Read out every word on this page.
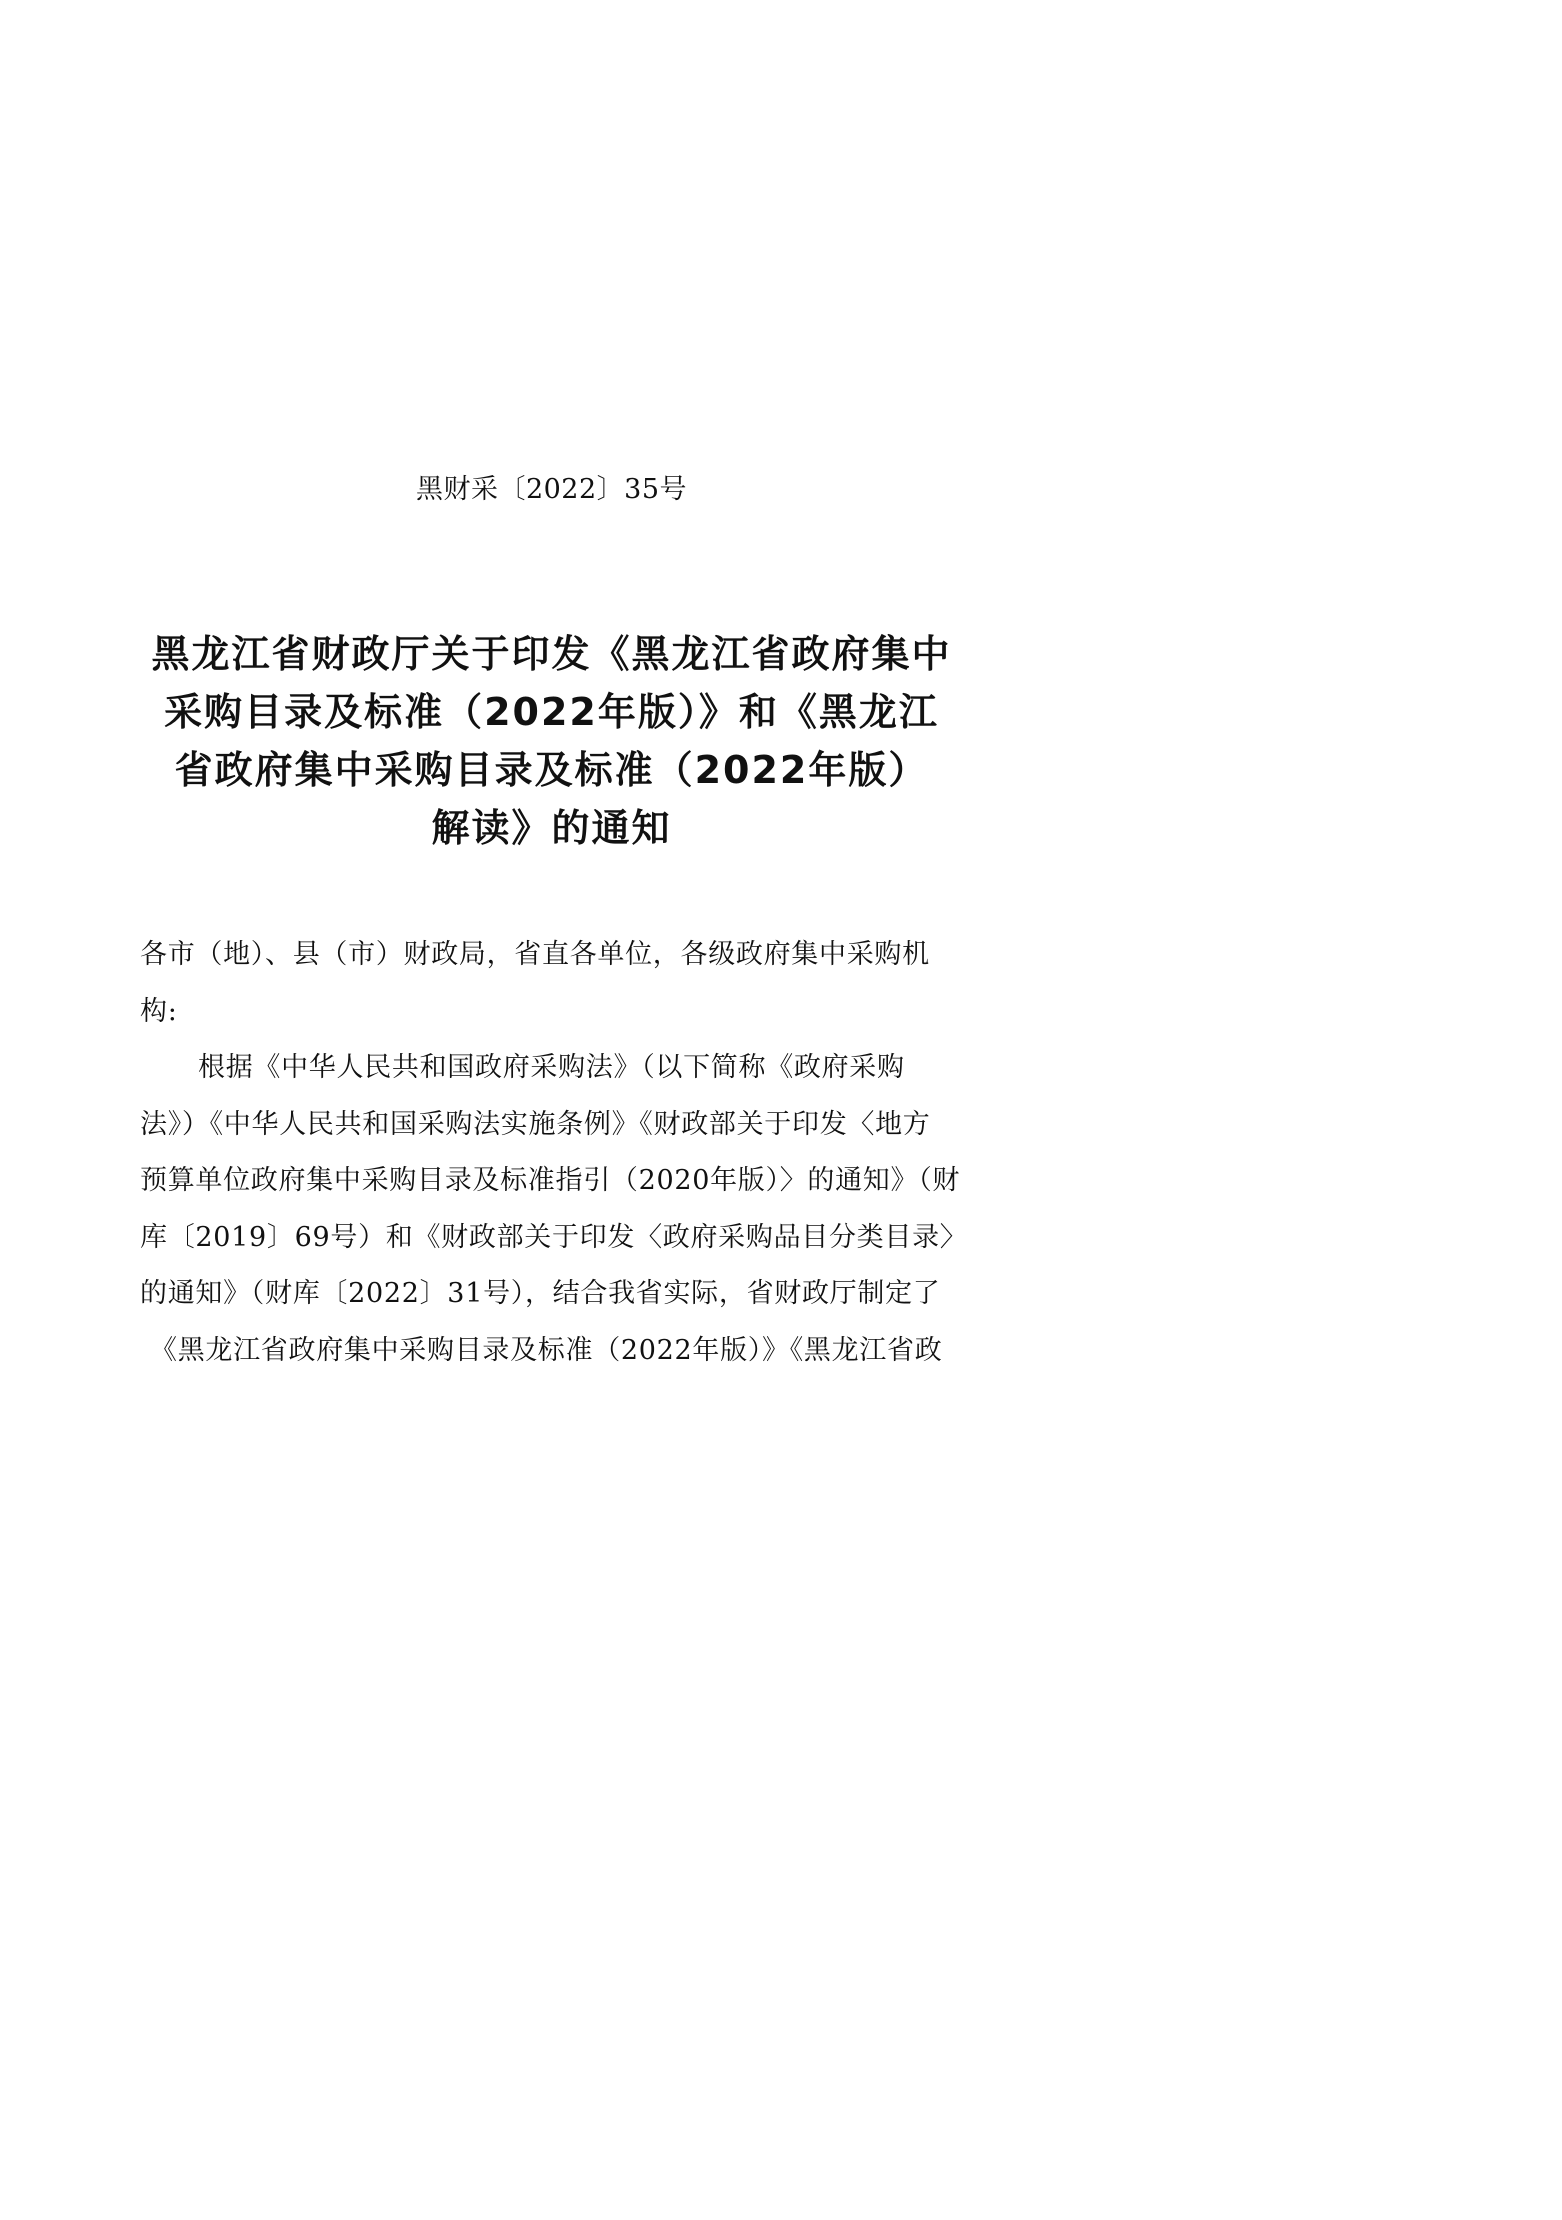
黑财采〔2022〕35号
黑龙江省财政厅关于印发《黑龙江省政府集中
采购目录及标准（2022年版）》和《黑龙江
省政府集中采购目录及标准（2022年版）
解读》的通知
各市（地）、县（市）财政局，省直各单位，各级政府集中采购机
构:
根据《中华人民共和国政府采购法》（以下简称《政府采购
法》）《中华人民共和国采购法实施条例》《财政部关于印发〈地方
预算单位政府集中采购目录及标准指引（2020年版）〉的通知》（财
库〔2019〕69号）和《财政部关于印发〈政府采购品目分类目录〉
的通知》（财库〔2022〕31号），结合我省实际，省财政厅制定了
《黑龙江省政府集中采购目录及标准（2022年版）》《黑龙江省政
